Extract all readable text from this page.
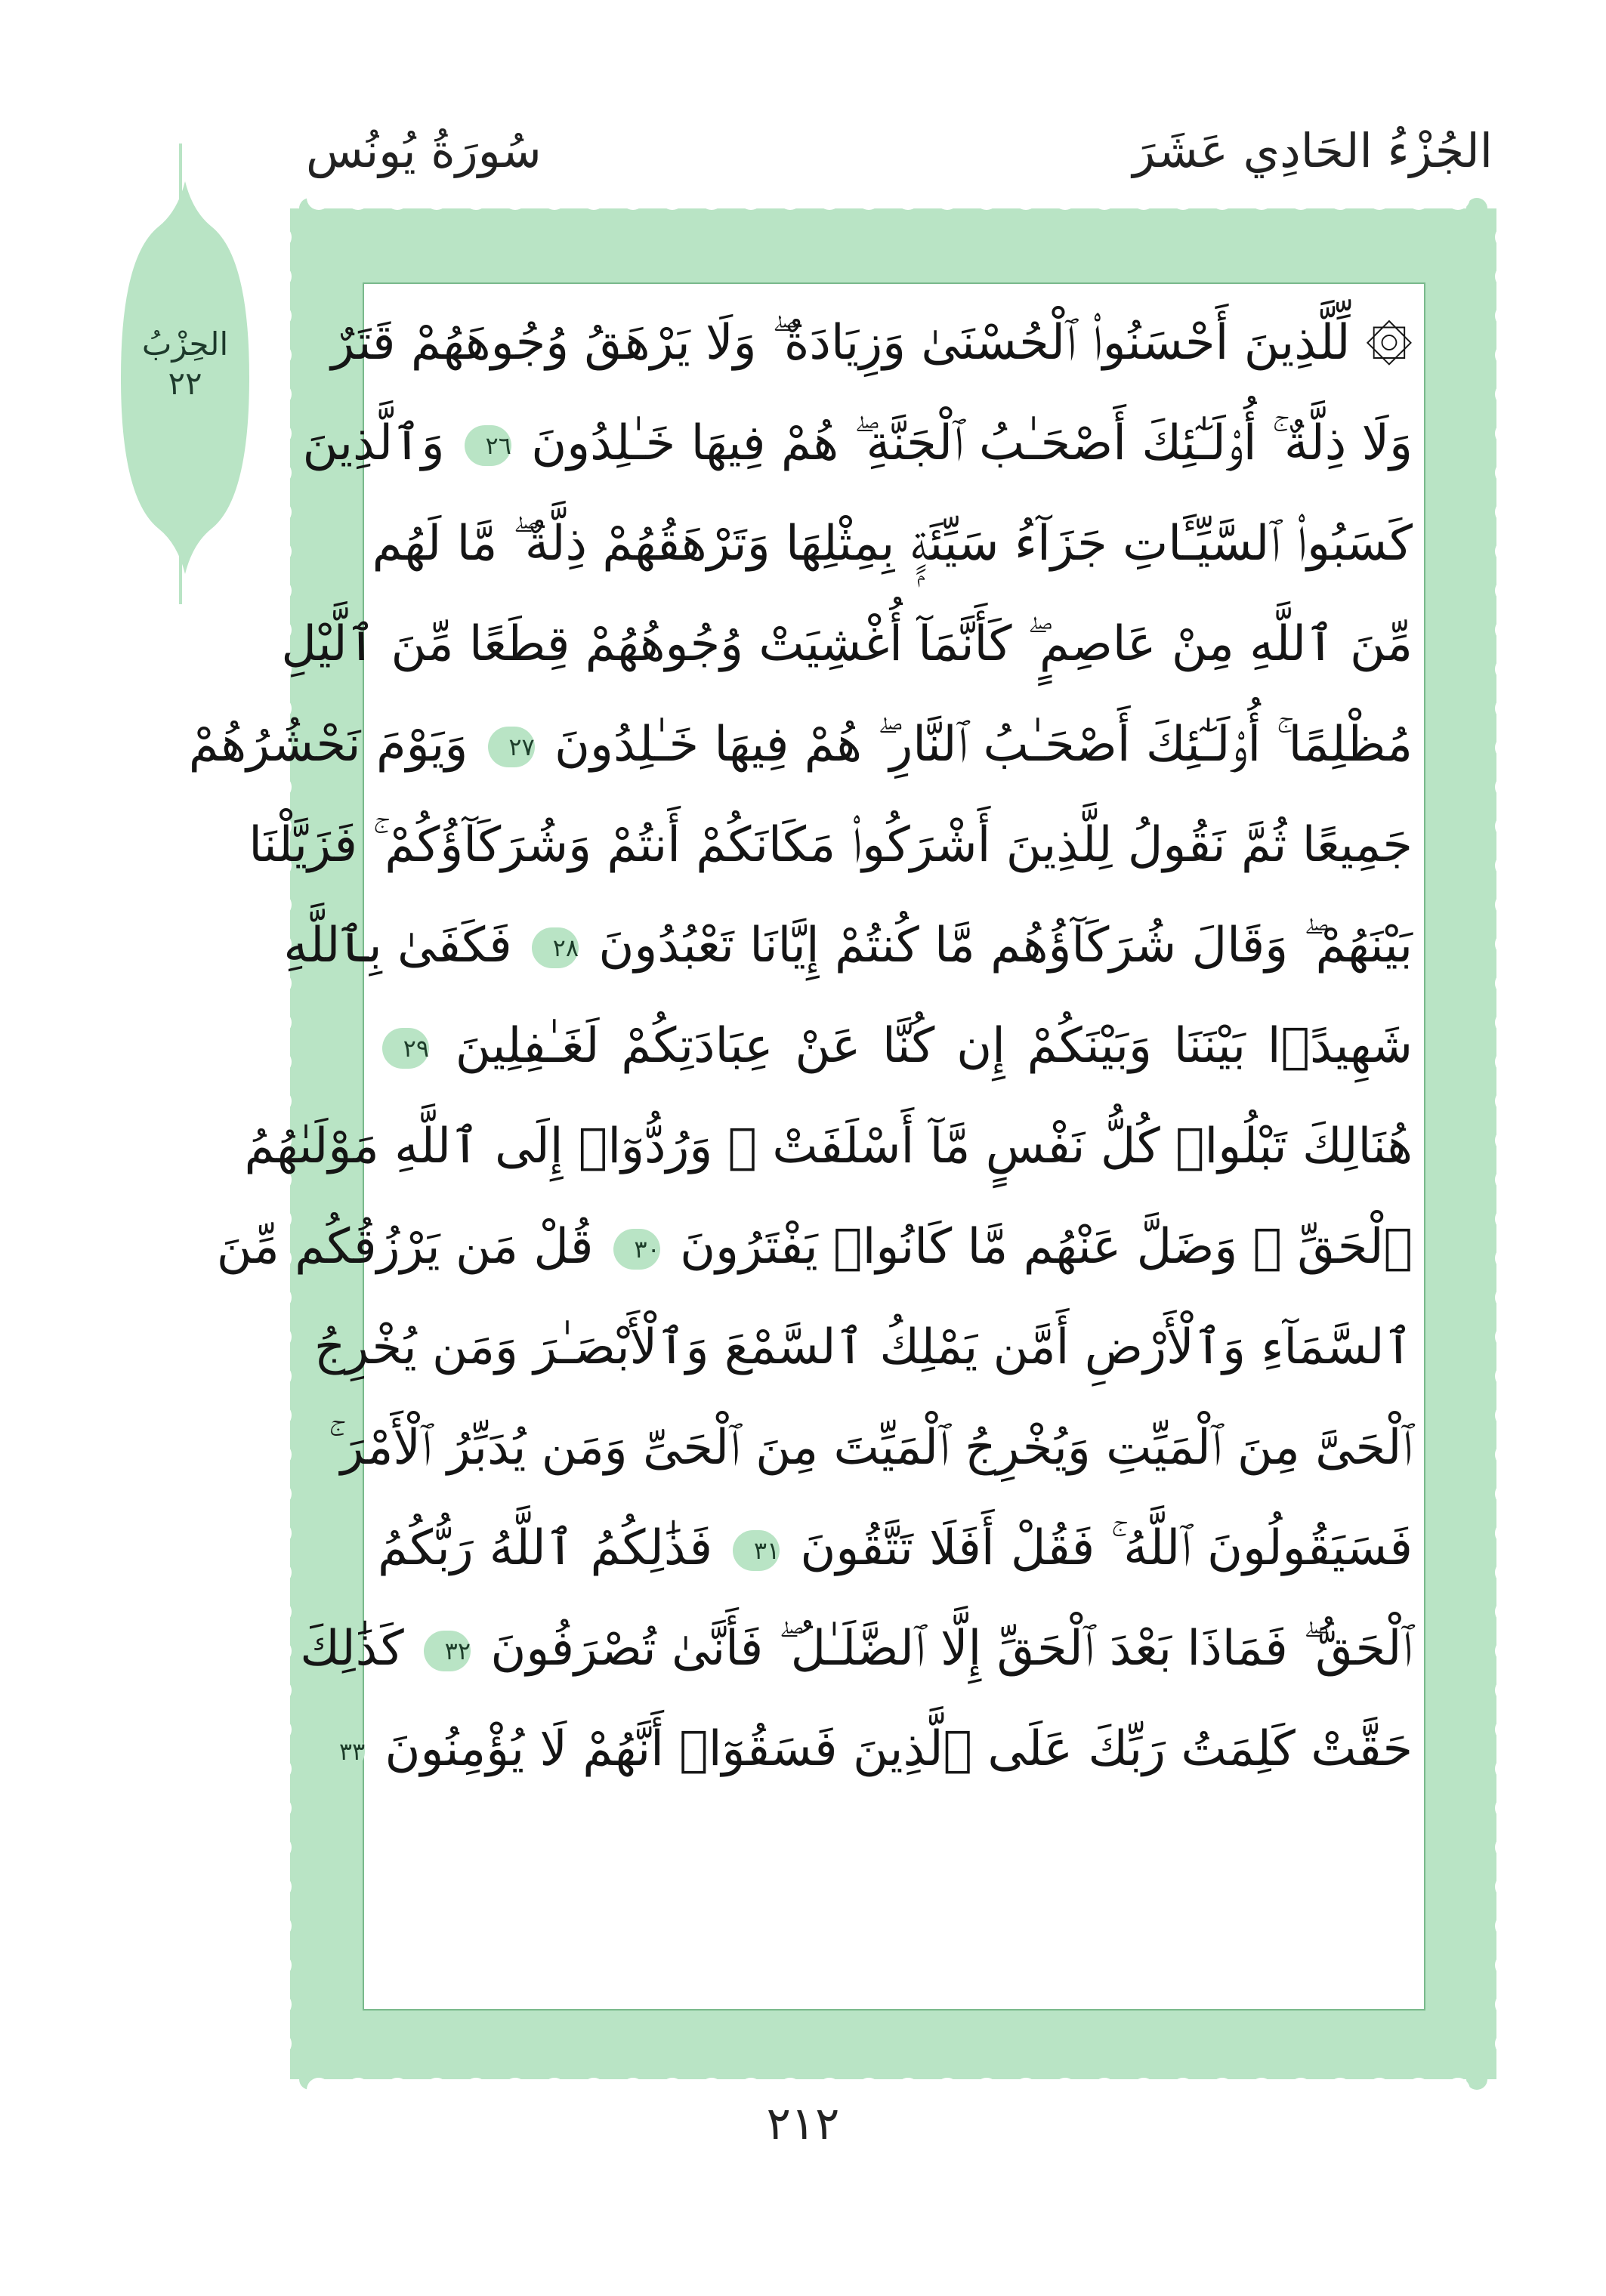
الجُزْءُ الحَادِي عَشَرَ
سُورَةُ يُونُس
الحِزْبُ
٢٢
۞ لِّلَّذِينَ أَحْسَنُوا۟ ٱلْحُسْنَىٰ وَزِيَادَةٌ ۖ وَلَا يَرْهَقُ وُجُوهَهُمْ قَتَرٌ
وَلَا ذِلَّةٌ ۚ أُو۟لَـٰٓئِكَ أَصْحَـٰبُ ٱلْجَنَّةِ ۖ هُمْ فِيهَا خَـٰلِدُونَ ٢٦ وَٱلَّذِينَ
كَسَبُوا۟ ٱلسَّيِّـَٔاتِ جَزَآءُ سَيِّئَةٍۭ بِمِثْلِهَا وَتَرْهَقُهُمْ ذِلَّةٌ ۖ مَّا لَهُم
مِّنَ ٱللَّهِ مِنْ عَاصِمٍ ۖ كَأَنَّمَآ أُغْشِيَتْ وُجُوهُهُمْ قِطَعًا مِّنَ ٱلَّيْلِ
مُظْلِمًا ۚ أُو۟لَـٰٓئِكَ أَصْحَـٰبُ ٱلنَّارِ ۖ هُمْ فِيهَا خَـٰلِدُونَ ٢٧ وَيَوْمَ نَحْشُرُهُمْ
جَمِيعًا ثُمَّ نَقُولُ لِلَّذِينَ أَشْرَكُوا۟ مَكَانَكُمْ أَنتُمْ وَشُرَكَآؤُكُمْ ۚ فَزَيَّلْنَا
بَيْنَهُمْ ۖ وَقَالَ شُرَكَآؤُهُم مَّا كُنتُمْ إِيَّانَا تَعْبُدُونَ ٢٨ فَكَفَىٰ بِٱللَّهِ
شَهِيدًۢا بَيْنَنَا وَبَيْنَكُمْ إِن كُنَّا عَنْ عِبَادَتِكُمْ لَغَـٰفِلِينَ ٢٩
هُنَالِكَ تَبْلُوا۟ كُلُّ نَفْسٍ مَّآ أَسْلَفَتْ ۚ وَرُدُّوٓا۟ إِلَى ٱللَّهِ مَوْلَىٰهُمُ
ٱلْحَقِّ ۖ وَضَلَّ عَنْهُم مَّا كَانُوا۟ يَفْتَرُونَ ٣٠ قُلْ مَن يَرْزُقُكُم مِّنَ
ٱلسَّمَآءِ وَٱلْأَرْضِ أَمَّن يَمْلِكُ ٱلسَّمْعَ وَٱلْأَبْصَـٰرَ وَمَن يُخْرِجُ
ٱلْحَىَّ مِنَ ٱلْمَيِّتِ وَيُخْرِجُ ٱلْمَيِّتَ مِنَ ٱلْحَىِّ وَمَن يُدَبِّرُ ٱلْأَمْرَ ۚ
فَسَيَقُولُونَ ٱللَّهُ ۚ فَقُلْ أَفَلَا تَتَّقُونَ ٣١ فَذَٰلِكُمُ ٱللَّهُ رَبُّكُمُ
ٱلْحَقُّ ۖ فَمَاذَا بَعْدَ ٱلْحَقِّ إِلَّا ٱلضَّلَـٰلُ ۖ فَأَنَّىٰ تُصْرَفُونَ ٣٢ كَذَٰلِكَ
حَقَّتْ كَلِمَتُ رَبِّكَ عَلَى ٱلَّذِينَ فَسَقُوٓا۟ أَنَّهُمْ لَا يُؤْمِنُونَ ٣٣
٢١٢
